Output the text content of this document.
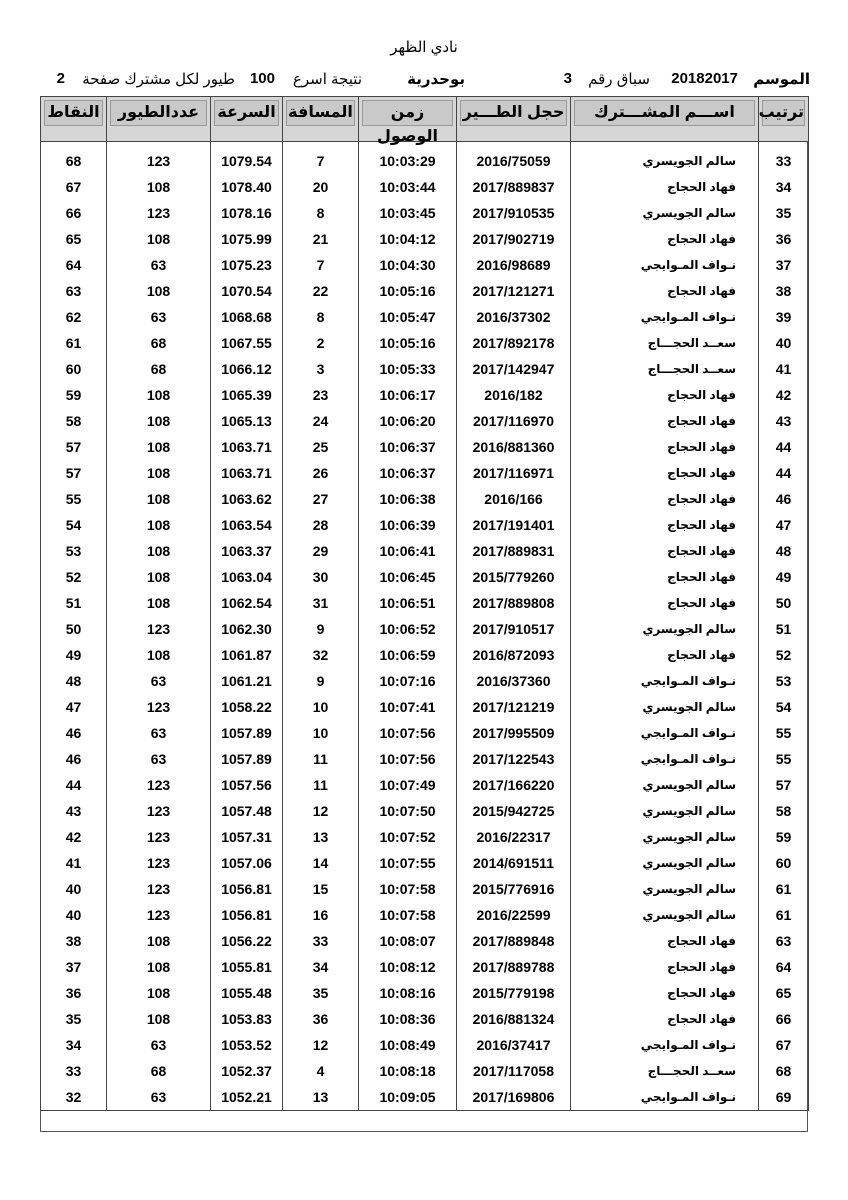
نادي الظهر
الموسم
20182017
سباق رقم
3
بوحدرية
نتيجة اسرع
100
طيور لكل مشترك صفحة
2
ترتيب	اســـم المشـــترك	حجل الطـــير	زمن الوصول	المسافة	السرعة	عددالطيور	النقاط

33	سالم الجويسري	2016/75059	10:03:29	7	1079.54	123	68
34	فهاد الحجاج	2017/889837	10:03:44	20	1078.40	108	67
35	سالم الجويسري	2017/910535	10:03:45	8	1078.16	123	66
36	فهاد الحجاج	2017/902719	10:04:12	21	1075.99	108	65
37	نـواف المـوايجي	2016/98689	10:04:30	7	1075.23	63	64
38	فهاد الحجاج	2017/121271	10:05:16	22	1070.54	108	63
39	نـواف المـوايجي	2016/37302	10:05:47	8	1068.68	63	62
40	سعــد الحجـــاج	2017/892178	10:05:16	2	1067.55	68	61
41	سعــد الحجـــاج	2017/142947	10:05:33	3	1066.12	68	60
42	فهاد الحجاج	2016/182	10:06:17	23	1065.39	108	59
43	فهاد الحجاج	2017/116970	10:06:20	24	1065.13	108	58
44	فهاد الحجاج	2016/881360	10:06:37	25	1063.71	108	57
44	فهاد الحجاج	2017/116971	10:06:37	26	1063.71	108	57
46	فهاد الحجاج	2016/166	10:06:38	27	1063.62	108	55
47	فهاد الحجاج	2017/191401	10:06:39	28	1063.54	108	54
48	فهاد الحجاج	2017/889831	10:06:41	29	1063.37	108	53
49	فهاد الحجاج	2015/779260	10:06:45	30	1063.04	108	52
50	فهاد الحجاج	2017/889808	10:06:51	31	1062.54	108	51
51	سالم الجويسري	2017/910517	10:06:52	9	1062.30	123	50
52	فهاد الحجاج	2016/872093	10:06:59	32	1061.87	108	49
53	نـواف المـوايجي	2016/37360	10:07:16	9	1061.21	63	48
54	سالم الجويسري	2017/121219	10:07:41	10	1058.22	123	47
55	نـواف المـوايجي	2017/995509	10:07:56	10	1057.89	63	46
55	نـواف المـوايجي	2017/122543	10:07:56	11	1057.89	63	46
57	سالم الجويسري	2017/166220	10:07:49	11	1057.56	123	44
58	سالم الجويسري	2015/942725	10:07:50	12	1057.48	123	43
59	سالم الجويسري	2016/22317	10:07:52	13	1057.31	123	42
60	سالم الجويسري	2014/691511	10:07:55	14	1057.06	123	41
61	سالم الجويسري	2015/776916	10:07:58	15	1056.81	123	40
61	سالم الجويسري	2016/22599	10:07:58	16	1056.81	123	40
63	فهاد الحجاج	2017/889848	10:08:07	33	1056.22	108	38
64	فهاد الحجاج	2017/889788	10:08:12	34	1055.81	108	37
65	فهاد الحجاج	2015/779198	10:08:16	35	1055.48	108	36
66	فهاد الحجاج	2016/881324	10:08:36	36	1053.83	108	35
67	نـواف المـوايجي	2016/37417	10:08:49	12	1053.52	63	34
68	سعــد الحجـــاج	2017/117058	10:08:18	4	1052.37	68	33
69	نـواف المـوايجي	2017/169806	10:09:05	13	1052.21	63	32
